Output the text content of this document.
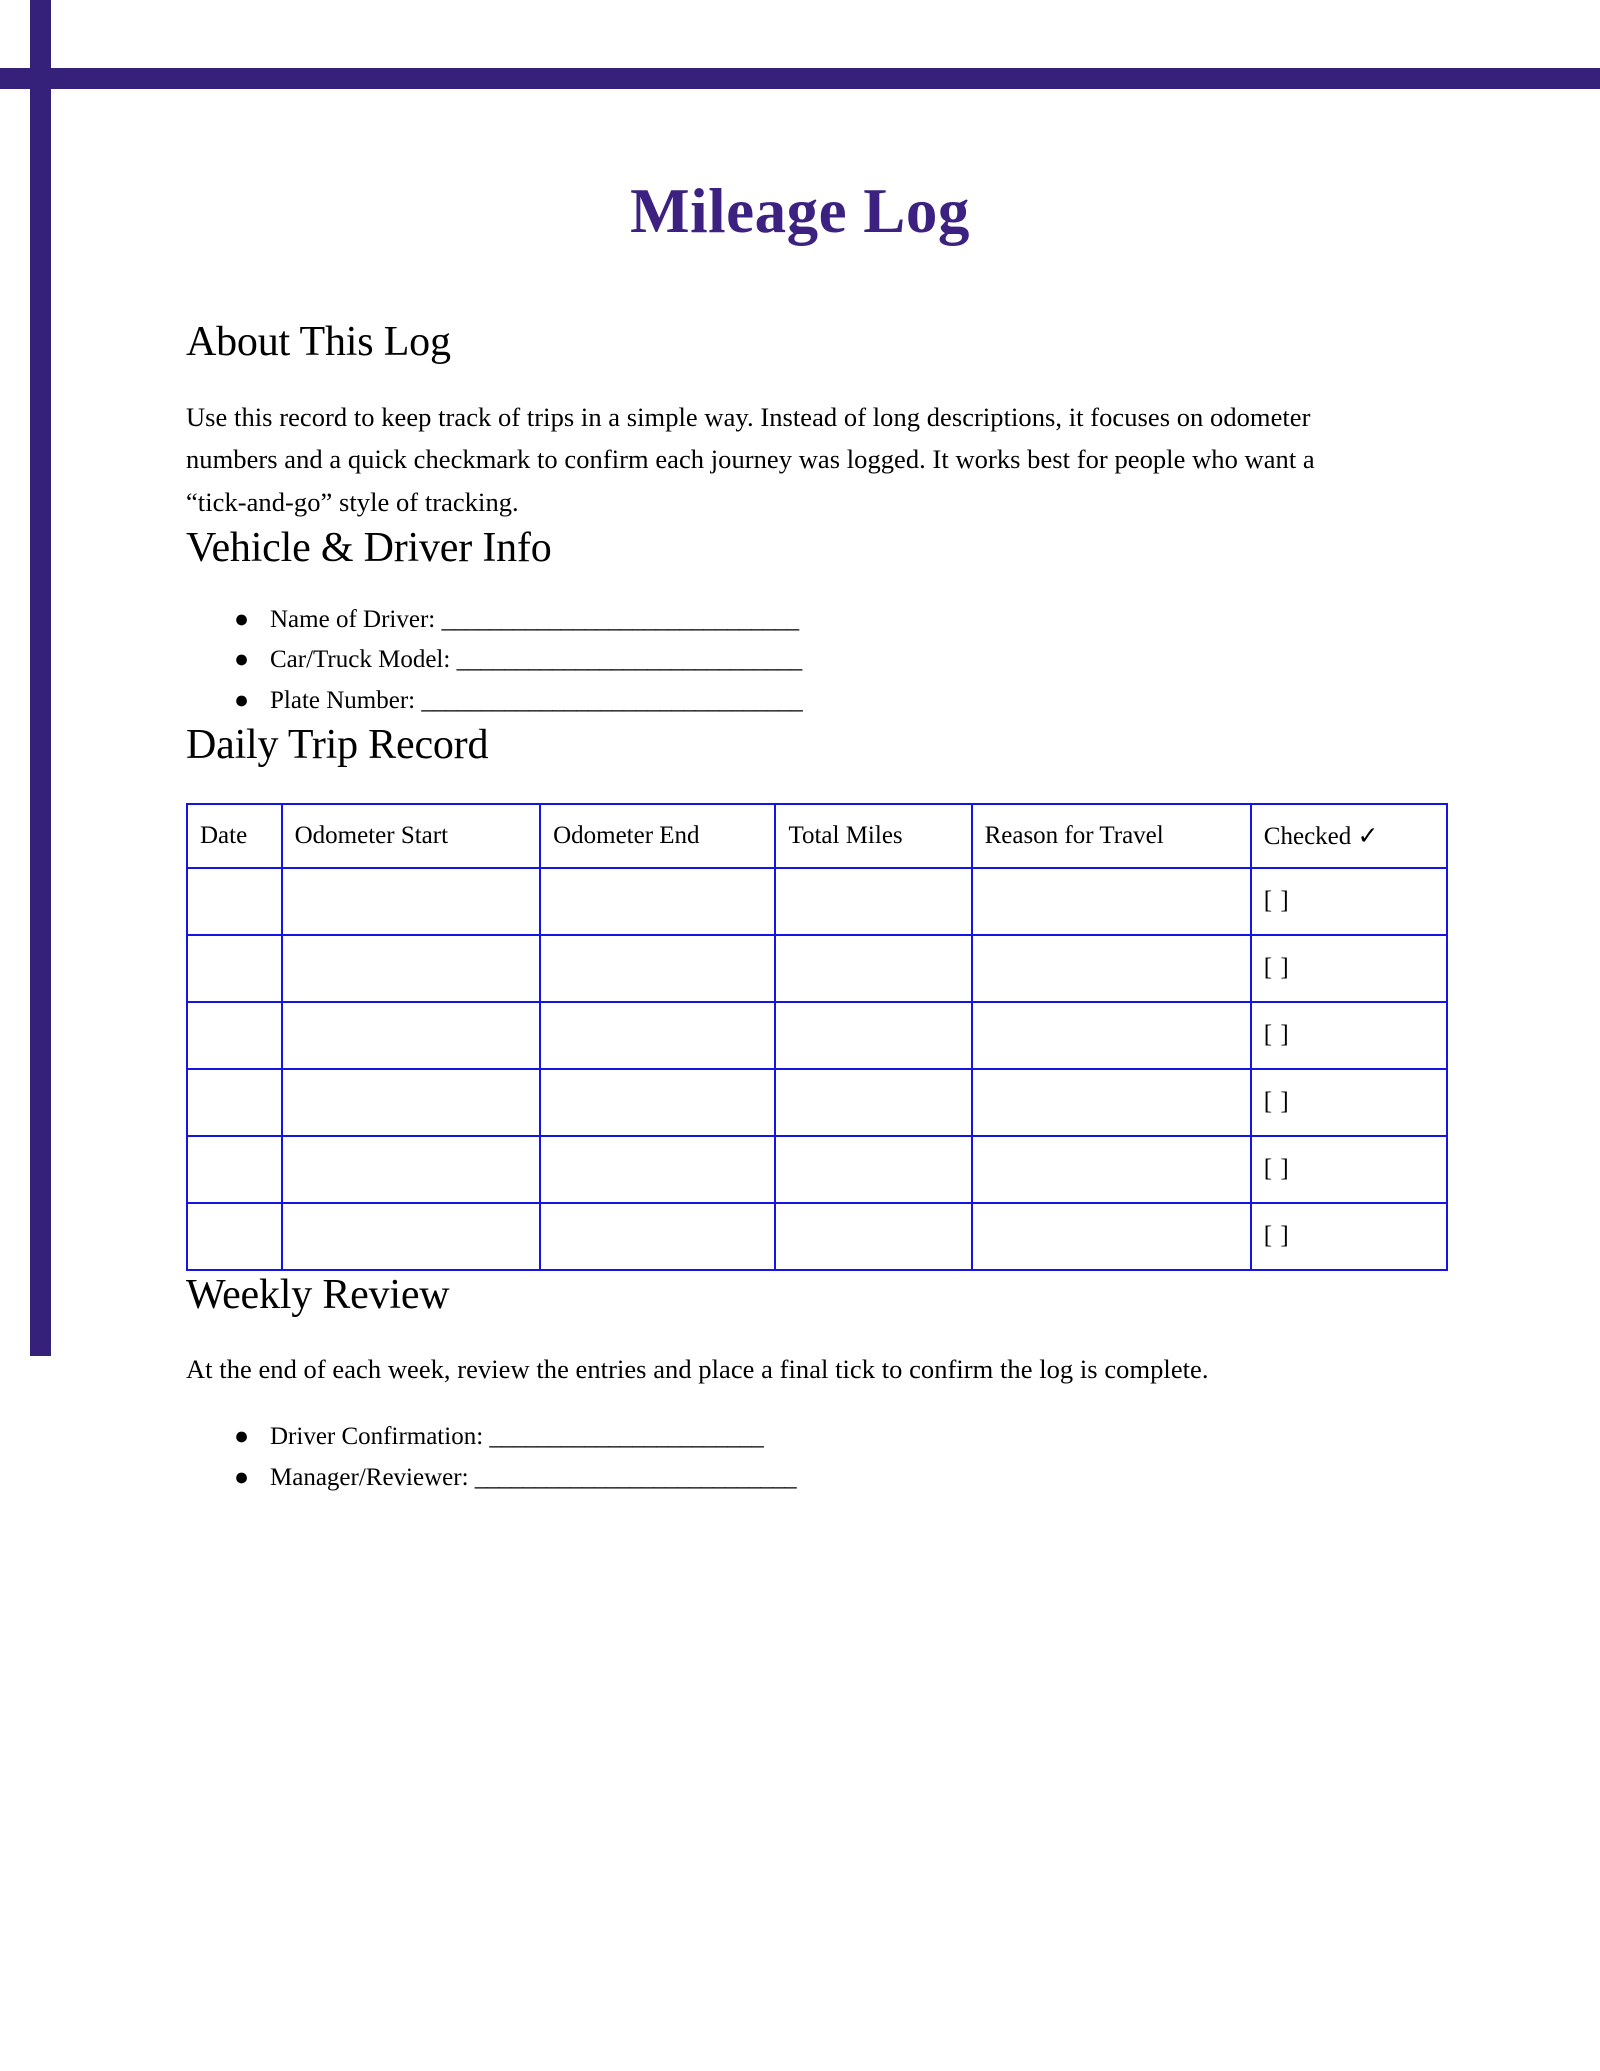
Mileage Log
About This Log

Use this record to keep track of trips in a simple way. Instead of long descriptions, it focuses on odometer numbers and a quick checkmark to confirm each journey was logged. It works best for people who want a “tick-and-go” style of tracking.

Vehicle & Driver Info
● Name of Driver: ______________________________
● Car/Truck Model: _____________________________
● Plate Number: ________________________________
Daily Trip Record
Date	Odometer Start	Odometer End	Total Miles	Reason for Travel	Checked ✓
					[ ]
					[ ]
					[ ]
					[ ]
					[ ]
					[ ]
Weekly Review

At the end of each week, review the entries and place a final tick to confirm the log is complete.

● Driver Confirmation: _______________________
● Manager/Reviewer: ___________________________
